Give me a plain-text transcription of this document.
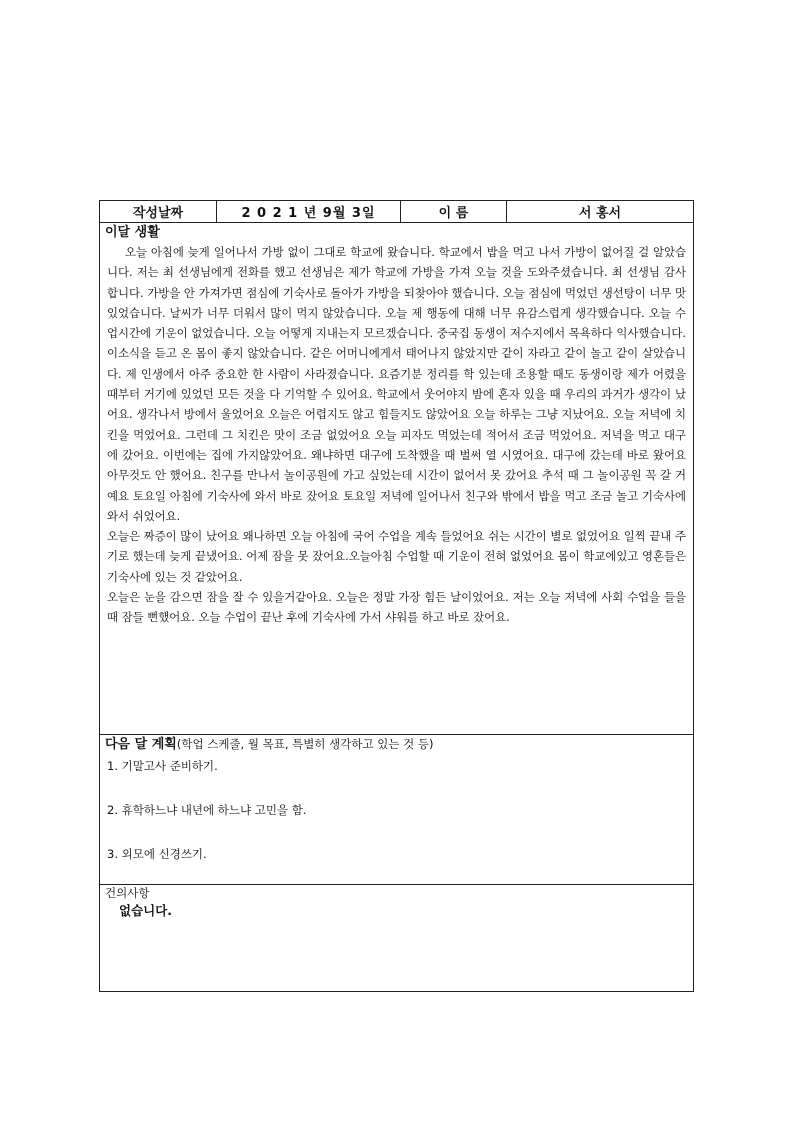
작성날짜	2 0 2 1 년 9월 3일	이 름	서 홍서
이달 생활

오늘 아침에 늦게 일어나서 가방 없이 그대로 학교에 왔습니다. 학교에서 밥을 먹고 나서 가방이 없어질 걸 알았습니다. 저는 최 선생님에게 전화를 했고 선생님은 제가 학교에 가방을 가져 오늘 것을 도와주셨습니다. 최 선생님 감사합니다. 가방을 안 가져가면 점심에 기숙사로 돌아가 가방을 되찾아야 했습니다. 오늘 점심에 먹었던 생선탕이 너무 맛있었습니다. 날씨가 너무 더워서 많이 먹지 않았습니다. 오늘 제 행동에 대해 너무 유감스럽게 생각했습니다. 오늘 수업시간에 기운이 없었습니다. 오늘 어떻게 지내는지 모르겠습니다. 중국집 동생이 저수지에서 목욕하다 익사했습니다. 이소식을 듣고 온 몸이 좋지 않았습니다. 같은 어머니에게서 태어나지 않았지만 같이 자라고 같이 놀고 같이 살았습니다. 제 인생에서 아주 중요한 한 사람이 사라졌습니다. 요즘기분 정리를 학 있는데 조용할 때도 동생이랑 제가 어렸을 때부터 거기에 있었던 모든 것을 다 기억할 수 있어요. 학교에서 웃어야지 밤에 혼자 있을 때 우리의 과거가 생각이 났어요. 생각나서 방에서 울었어요 오늘은 어렵지도 않고 힘들지도 않았어요 오늘 하루는 그냥 지났어요. 오늘 저녁에 치킨을 먹었어요. 그런데 그 치킨은 맛이 조금 없었어요 오늘 피자도 먹었는데 적어서 조금 먹었어요. 저녁을 먹고 대구에 갔어요. 이번에는 집에 가지않았어요. 왜냐하면 대구에 도착했을 때 벌써 열 시였어요. 대구에 갔는데 바로 왔어요 아무것도 안 했어요. 친구를 만나서 놀이공원에 가고 싶었는데 시간이 없어서 못 갔어요 추석 때 그 놀이공원 꼭 갈 거예요 토요일 아침에 기숙사에 와서 바로 잤어요 토요일 저녁에 일어나서 친구와 밖에서 밥을 먹고 조금 놀고 기숙사에 와서 쉬었어요.

오늘은 짜증이 많이 났어요 왜나하면 오늘 아침에 국어 수업을 계속 들었어요 쉬는 시간이 별로 없었어요 일찍 끝내 주기로 했는데 늦게 끝냈어요. 어제 잠을 못 잤어요.오늘아침 수업할 때 기운이 전혀 없었어요 몸이 학교에있고 영혼들은 기숙사에 있는 것 같았어요.

오늘은 눈을 감으면 잠을 잘 수 있을거같아요. 오늘은 정말 가장 힘든 날이었어요. 저는 오늘 저녁에 사회 수업을 들을 때 잠들 뻔했어요. 오늘 수업이 끝난 후에 기숙사에 가서 샤워를 하고 바로 잤어요.

다음 달 계획(학업 스케줄, 월 목표, 특별히 생각하고 있는 것 등)
1. 기말고사 준비하기.
2. 휴학하느냐 내년에 하느냐 고민을 함.
3. 외모에 신경쓰기.
건의사항
없습니다.
